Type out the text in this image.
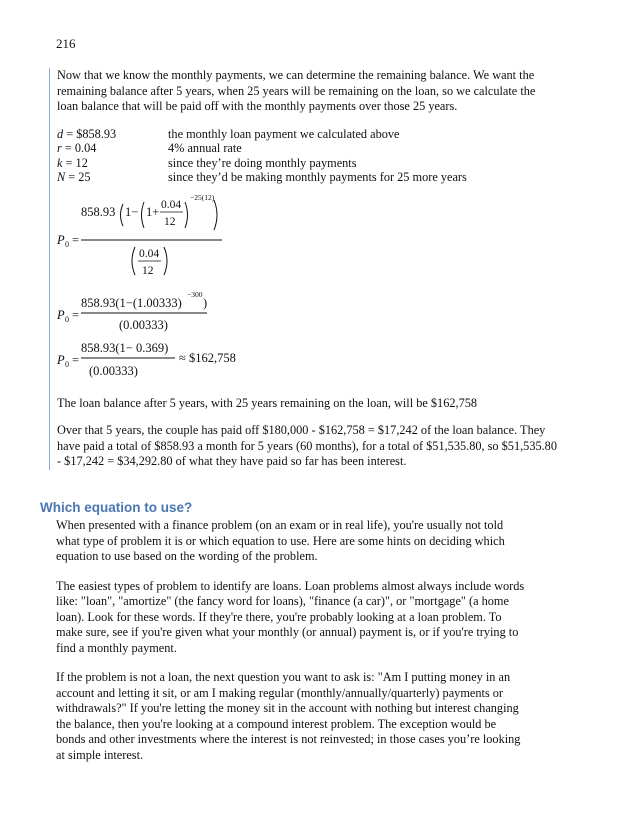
216

Now that we know the monthly payments, we can determine the remaining balance. We want the remaining balance after 5 years, when 25 years will be remaining on the loan, so we calculate the loan balance that will be paid off with the monthly payments over those 25 years.

d = $858.93	the monthly loan payment we calculated above
r = 0.04	4% annual rate
k = 12	since they’re doing monthly payments
N = 25	since they’d be making monthly payments for 25 more years
P 0 =
858.93 1− 1+ 0.04
12
−25(12)
0.04
12
P 0 =
858.93(1−(1.00333)
−300
)
(0.00333)
P 0 =
858.93(1− 0.369)
(0.00333)
≈ $162,758

The loan balance after 5 years, with 25 years remaining on the loan, will be $162,758

Over that 5 years, the couple has paid off $180,000 - $162,758 = $17,242 of the loan balance. They have paid a total of $858.93 a month for 5 years (60 months), for a total of $51,535.80, so $51,535.80 - $17,242 = $34,292.80 of what they have paid so far has been interest.

Which equation to use?

When presented with a finance problem (on an exam or in real life), you're usually not told what type of problem it is or which equation to use. Here are some hints on deciding which equation to use based on the wording of the problem.

The easiest types of problem to identify are loans. Loan problems almost always include words like: "loan", "amortize" (the fancy word for loans), "finance (a car)", or "mortgage" (a home loan). Look for these words. If they're there, you're probably looking at a loan problem. To make sure, see if you're given what your monthly (or annual) payment is, or if you're trying to find a monthly payment.

If the problem is not a loan, the next question you want to ask is: "Am I putting money in an account and letting it sit, or am I making regular (monthly/annually/quarterly) payments or withdrawals?" If you're letting the money sit in the account with nothing but interest changing the balance, then you're looking at a compound interest problem. The exception would be bonds and other investments where the interest is not reinvested; in those cases you’re looking at simple interest.
